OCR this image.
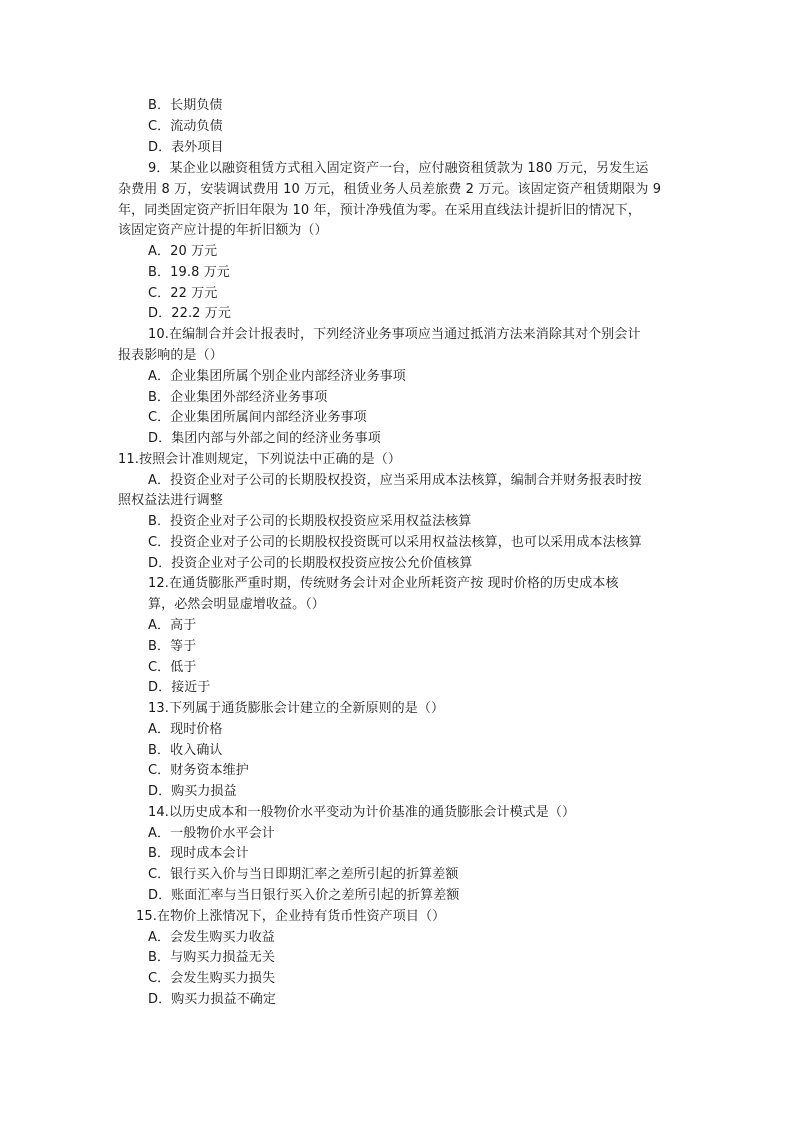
B．长期负债
C．流动负债
D．表外项目
9．某企业以融资租赁方式租入固定资产一台，应付融资租赁款为 180 万元，另发生运
杂费用 8 万，安装调试费用 10 万元，租赁业务人员差旅费 2 万元。该固定资产租赁期限为 9
年，同类固定资产折旧年限为 10 年，预计净残值为零。在采用直线法计提折旧的情况下，
该固定资产应计提的年折旧额为（）
A．20 万元
B．19.8 万元
C．22 万元
D．22.2 万元
10.在编制合并会计报表时，下列经济业务事项应当通过抵消方法来消除其对个别会计
报表影响的是（）
A．企业集团所属个别企业内部经济业务事项
B．企业集团外部经济业务事项
C．企业集团所属间内部经济业务事项
D．集团内部与外部之间的经济业务事项
11.按照会计准则规定，下列说法中正确的是（）
A．投资企业对子公司的长期股权投资，应当采用成本法核算，编制合并财务报表时按
照权益法进行调整
B．投资企业对子公司的长期股权投资应采用权益法核算
C．投资企业对子公司的长期股权投资既可以采用权益法核算，也可以采用成本法核算
D．投资企业对子公司的长期股权投资应按公允价值核算
12.在通货膨胀严重时期，传统财务会计对企业所耗资产按 现时价格的历史成本核
算，必然会明显虚增收益。（）
A．高于
B．等于
C．低于
D．接近于
13.下列属于通货膨胀会计建立的全新原则的是（）
A．现时价格
B．收入确认
C．财务资本维护
D．购买力损益
14.以历史成本和一般物价水平变动为计价基准的通货膨胀会计模式是（）
A．一般物价水平会计
B．现时成本会计
C．银行买入价与当日即期汇率之差所引起的折算差额
D．账面汇率与当日银行买入价之差所引起的折算差额
15.在物价上涨情况下，企业持有货币性资产项目（）
A．会发生购买力收益
B．与购买力损益无关
C．会发生购买力损失
D．购买力损益不确定
